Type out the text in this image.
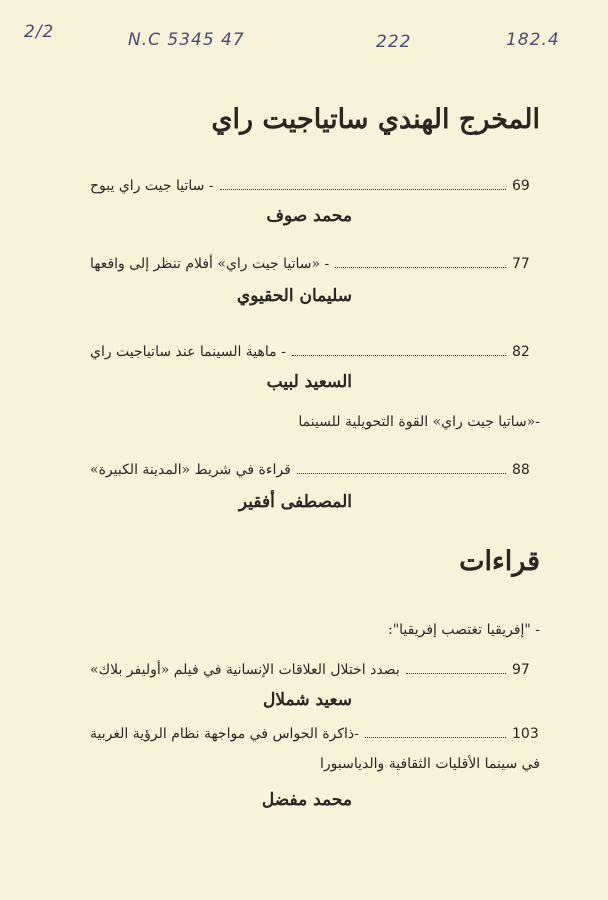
2/2	N.C 5345 47	222	182.4
المخرج الهندي ساتياجيت راي
- ساتيا جيت راي يبوح	69
محمد صوف
- «ساتيا جيت راي» أفلام تنظر إلى واقعها	77
سليمان الحقيوي
- ماهية السينما عند ساتياجيت راي	82
السعيد لبيب
-«ساتيا جيت راي» القوة التحويلية للسينما
قراءة في شريط «المدينة الكبيرة»	88
المصطفى أفقير
قراءات
- "إفريقيا تغتصب إفريقيا":
بصدد اختلال العلاقات الإنسانية في فيلم «أوليفر بلاك»	97
سعيد شملال
-ذاكرة الحواس في مواجهة نظام الرؤية الغربية	103
في سينما الأقليات الثقافية والدياسبورا
محمد مفضل
